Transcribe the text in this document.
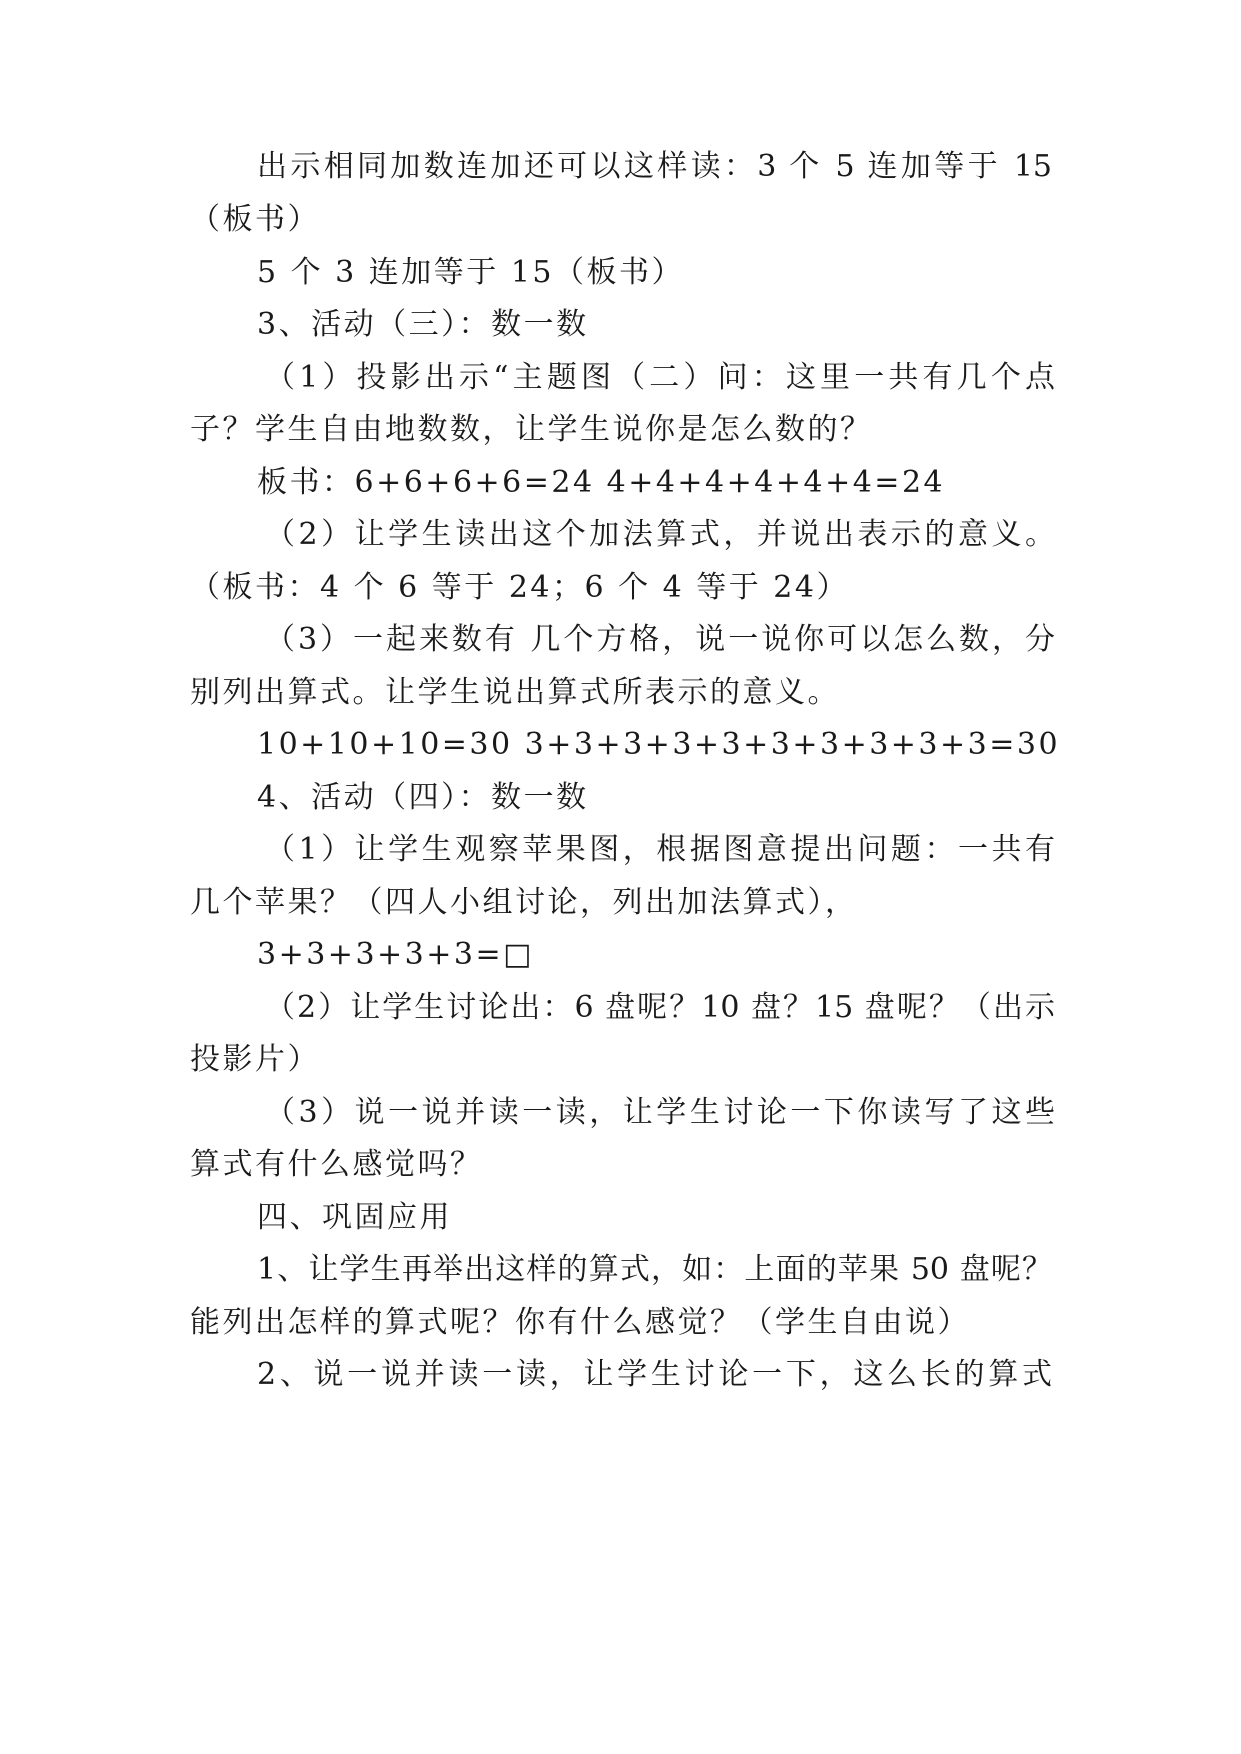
出示相同加数连加还可以这样读：3 个 5 连加等于 15

（板书）

5 个 3 连加等于 15（板书）

3、活动（三）：数一数

（1）投影出示“主题图（二）问：这里一共有几个点

子？学生自由地数数，让学生说你是怎么数的？

板书：6+6+6+6=24 4+4+4+4+4+4=24

（2）让学生读出这个加法算式，并说出表示的意义。

（板书：4 个 6 等于 24；6 个 4 等于 24）

（3）一起来数有 几个方格，说一说你可以怎么数，分

别列出算式。让学生说出算式所表示的意义。

10+10+10=30 3+3+3+3+3+3+3+3+3+3=30

4、活动（四）：数一数

（1）让学生观察苹果图，根据图意提出问题：一共有

几个苹果？（四人小组讨论，列出加法算式），

3+3+3+3+3=□

（2）让学生讨论出：6 盘呢？10 盘？15 盘呢？（出示

投影片）

（3）说一说并读一读，让学生讨论一下你读写了这些

算式有什么感觉吗？

四、巩固应用

1、让学生再举出这样的算式，如：上面的苹果 50 盘呢？

能列出怎样的算式呢？你有什么感觉？（学生自由说）

2、说一说并读一读，让学生讨论一下，这么长的算式
